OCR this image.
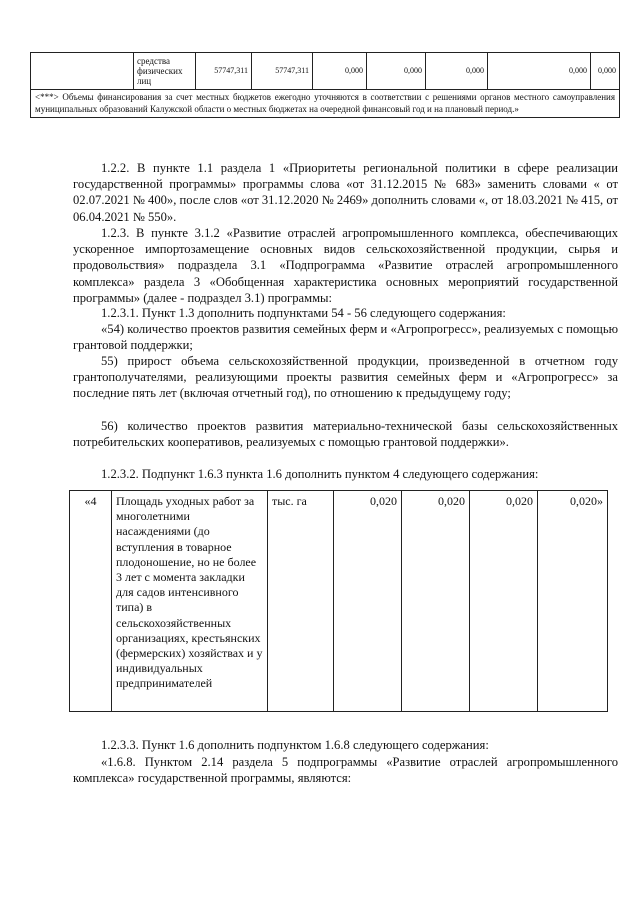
	средства физических лиц	57747,311	57747,311	0,000	0,000	0,000	0,000	0,000
<***> Объемы финансирования за счет местных бюджетов ежегодно уточняются в соответствии с решениями органов местного самоуправления муниципальных образований Калужской области о местных бюджетах на очередной финансовый год и на плановый период.»

1.2.2. В пункте 1.1 раздела 1 «Приоритеты региональной политики в сфере реализации государственной программы» программы слова «от 31.12.2015 № 683» заменить словами « от 02.07.2021 № 400», после слов «от 31.12.2020 № 2469» дополнить словами «, от 18.03.2021 № 415, от 06.04.2021 № 550».

1.2.3. В пункте 3.1.2 «Развитие отраслей агропромышленного комплекса, обеспечивающих ускоренное импортозамещение основных видов сельскохозяйственной продукции, сырья и продовольствия» подраздела 3.1 «Подпрограмма «Развитие отраслей агропромышленного комплекса» раздела 3 «Обобщенная характеристика основных мероприятий государственной программы» (далее - подраздел 3.1) программы:

1.2.3.1. Пункт 1.3 дополнить подпунктами 54 - 56 следующего содержания:

«54) количество проектов развития семейных ферм и «Агропрогресс», реализуемых с помощью грантовой поддержки;

55) прирост объема сельскохозяйственной продукции, произведенной в отчетном году грантополучателями, реализующими проекты развития семейных ферм и «Агропрогресс» за последние пять лет (включая отчетный год), по отношению к предыдущему году;

56) количество проектов развития материально-технической базы сельскохозяйственных потребительских кооперативов, реализуемых с помощью грантовой поддержки».

1.2.3.2. Подпункт 1.6.3 пункта 1.6 дополнить пунктом 4 следующего содержания:

«4	Площадь уходных работ за многолетними насаждениями (до вступления в товарное плодоношение, но не более 3 лет с момента закладки для садов интенсивного типа) в сельскохозяйственных организациях, крестьянских (фермерских) хозяйствах и у индивидуальных предпринимателей	тыс. га	0,020	0,020	0,020	0,020»

1.2.3.3. Пункт 1.6 дополнить подпунктом 1.6.8 следующего содержания:

«1.6.8. Пунктом 2.14 раздела 5 подпрограммы «Развитие отраслей агропромышленного комплекса» государственной программы, являются:
